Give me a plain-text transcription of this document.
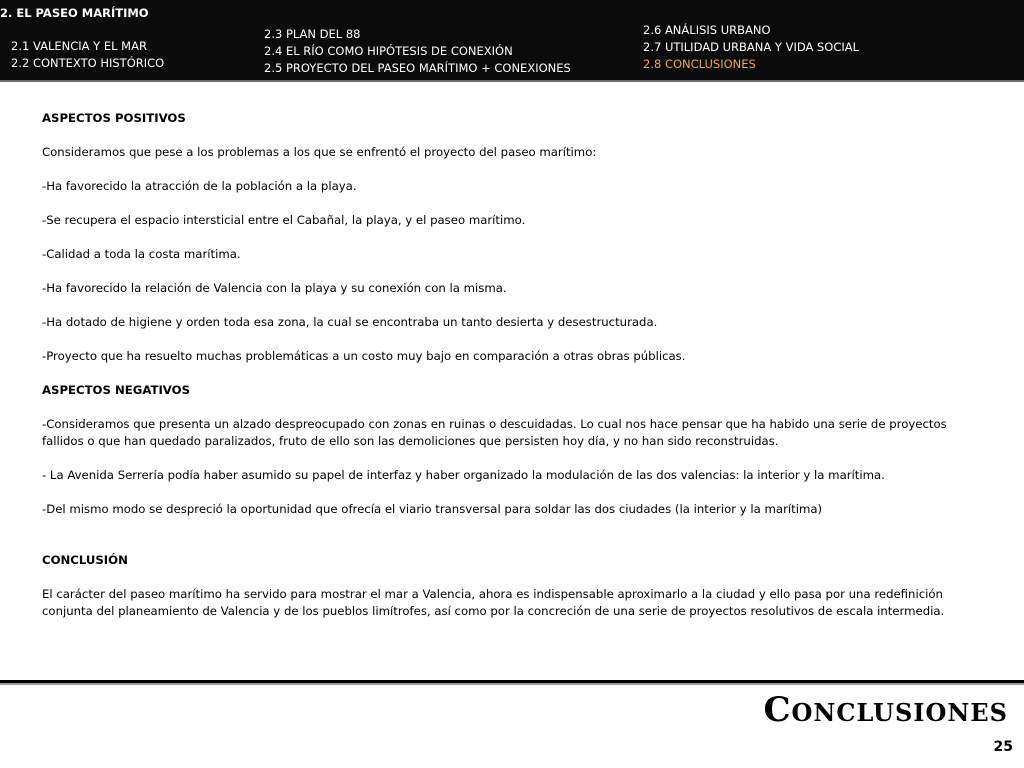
2. EL PASEO MARÍTIMO
2.1 VALENCIA Y EL MAR
2.2 CONTEXTO HISTÓRICO
2.3 PLAN DEL 88
2.4 EL RÍO COMO HIPÓTESIS DE CONEXIÓN
2.5 PROYECTO DEL PASEO MARÍTIMO + CONEXIONES
2.6 ANÁLISIS URBANO
2.7 UTILIDAD URBANA Y VIDA SOCIAL
2.8 CONCLUSIONES

ASPECTOS POSITIVOS

Consideramos que pese a los problemas a los que se enfrentó el proyecto del paseo marítimo:

-Ha favorecido la atracción de la población a la playa.

-Se recupera el espacio intersticial entre el Cabañal, la playa, y el paseo marítimo.

-Calidad a toda la costa marítima.

-Ha favorecido la relación de Valencia con la playa y su conexión con la misma.

-Ha dotado de higiene y orden toda esa zona, la cual se encontraba un tanto desierta y desestructurada.

-Proyecto que ha resuelto muchas problemáticas a un costo muy bajo en comparación a otras obras públicas.

ASPECTOS NEGATIVOS

-Consideramos que presenta un alzado despreocupado con zonas en ruinas o descuidadas. Lo cual nos hace pensar que ha habido una serie de proyectos fallidos o que han quedado paralizados, fruto de ello son las demoliciones que persisten hoy día, y no han sido reconstruidas.

- La Avenida Serrería podía haber asumido su papel de interfaz y haber organizado la modulación de las dos valencias: la interior y la marítima.

-Del mismo modo se despreció la oportunidad que ofrecía el viario transversal para soldar las dos ciudades (la interior y la marítima)

CONCLUSIÓN

El carácter del paseo marítimo ha servido para mostrar el mar a Valencia, ahora es indispensable aproximarlo a la ciudad y ello pasa por una redefinición conjunta del planeamiento de Valencia y de los pueblos limítrofes, así como por la concreción de una serie de proyectos resolutivos de escala intermedia.

Conclusiones
25
